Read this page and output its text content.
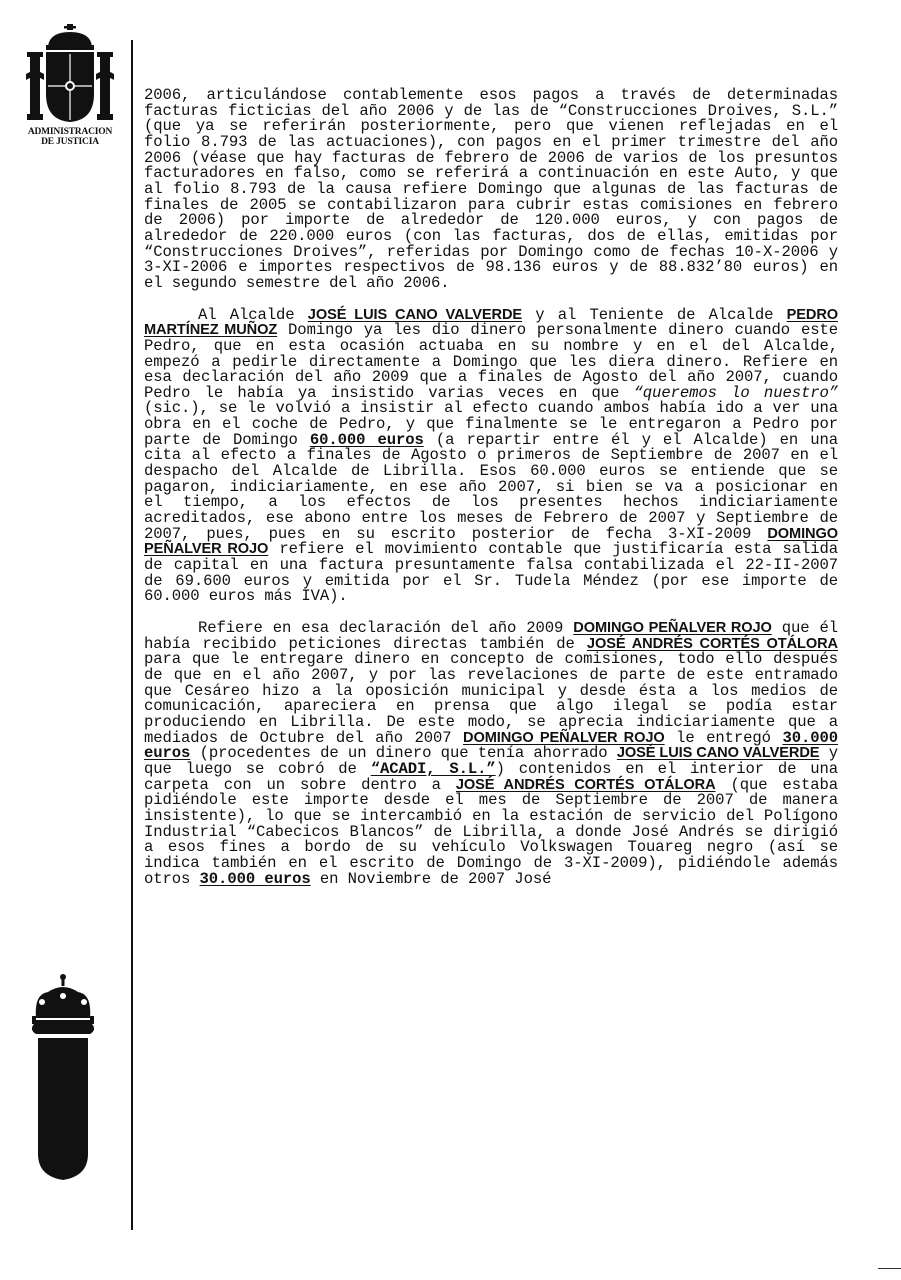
ADMINISTRACION
DE JUSTICIA

2006, articulándose contablemente esos pagos a través de determinadas facturas ficticias del año 2006 y de las de “Construcciones Droives, S.L.” (que ya se referirán posteriormente, pero que vienen reflejadas en el folio 8.793 de las actuaciones), con pagos en el primer trimestre del año 2006 (véase que hay facturas de febrero de 2006 de varios de los presuntos facturadores en falso, como se referirá a continuación en este Auto, y que al folio 8.793 de la causa refiere Domingo que algunas de las facturas de finales de 2005 se contabilizaron para cubrir estas comisiones en febrero de 2006) por importe de alrededor de 120.000 euros, y con pagos de alrededor de 220.000 euros (con las facturas, dos de ellas, emitidas por “Construcciones Droives”, referidas por Domingo como de fechas 10-X-2006 y 3-XI-2006 e importes respectivos de 98.136 euros y de 88.832’80 euros) en el segundo semestre del año 2006.

Al Alcalde JOSÉ LUIS CANO VALVERDE y al Teniente de Alcalde PEDRO MARTÍNEZ MUÑOZ Domingo ya les dio dinero personalmente dinero cuando este Pedro, que en esta ocasión actuaba en su nombre y en el del Alcalde, empezó a pedirle directamente a Domingo que les diera dinero. Refiere en esa declaración del año 2009 que a finales de Agosto del año 2007, cuando Pedro le había ya insistido varias veces en que “queremos lo nuestro” (sic.), se le volvió a insistir al efecto cuando ambos había ido a ver una obra en el coche de Pedro, y que finalmente se le entregaron a Pedro por parte de Domingo 60.000 euros (a repartir entre él y el Alcalde) en una cita al efecto a finales de Agosto o primeros de Septiembre de 2007 en el despacho del Alcalde de Librilla. Esos 60.000 euros se entiende que se pagaron, indiciariamente, en ese año 2007, si bien se va a posicionar en el tiempo, a los efectos de los presentes hechos indiciariamente acreditados, ese abono entre los meses de Febrero de 2007 y Septiembre de 2007, pues, pues en su escrito posterior de fecha 3-XI-2009 DOMINGO PEÑALVER ROJO refiere el movimiento contable que justificaría esta salida de capital en una factura presuntamente falsa contabilizada el 22-II-2007 de 69.600 euros y emitida por el Sr. Tudela Méndez (por ese importe de 60.000 euros más IVA).

Refiere en esa declaración del año 2009 DOMINGO PEÑALVER ROJO que él había recibido peticiones directas también de JOSÉ ANDRÉS CORTÉS OTÁLORA para que le entregare dinero en concepto de comisiones, todo ello después de que en el año 2007, y por las revelaciones de parte de este entramado que Cesáreo hizo a la oposición municipal y desde ésta a los medios de comunicación, apareciera en prensa que algo ilegal se podía estar produciendo en Librilla. De este modo, se aprecia indiciariamente que a mediados de Octubre del año 2007 DOMINGO PEÑALVER ROJO le entregó 30.000 euros (procedentes de un dinero que tenía ahorrado JOSÉ LUIS CANO VALVERDE y que luego se cobró de “ACADI, S.L.”) contenidos en el interior de una carpeta con un sobre dentro a JOSÉ ANDRÉS CORTÉS OTÁLORA (que estaba pidiéndole este importe desde el mes de Septiembre de 2007 de manera insistente), lo que se intercambió en la estación de servicio del Polígono Industrial “Cabecicos Blancos” de Librilla, a donde José Andrés se dirigió a esos fines a bordo de su vehículo Volkswagen Touareg negro (así se indica también en el escrito de Domingo de 3-XI-2009), pidiéndole además otros 30.000 euros en Noviembre de 2007 José
